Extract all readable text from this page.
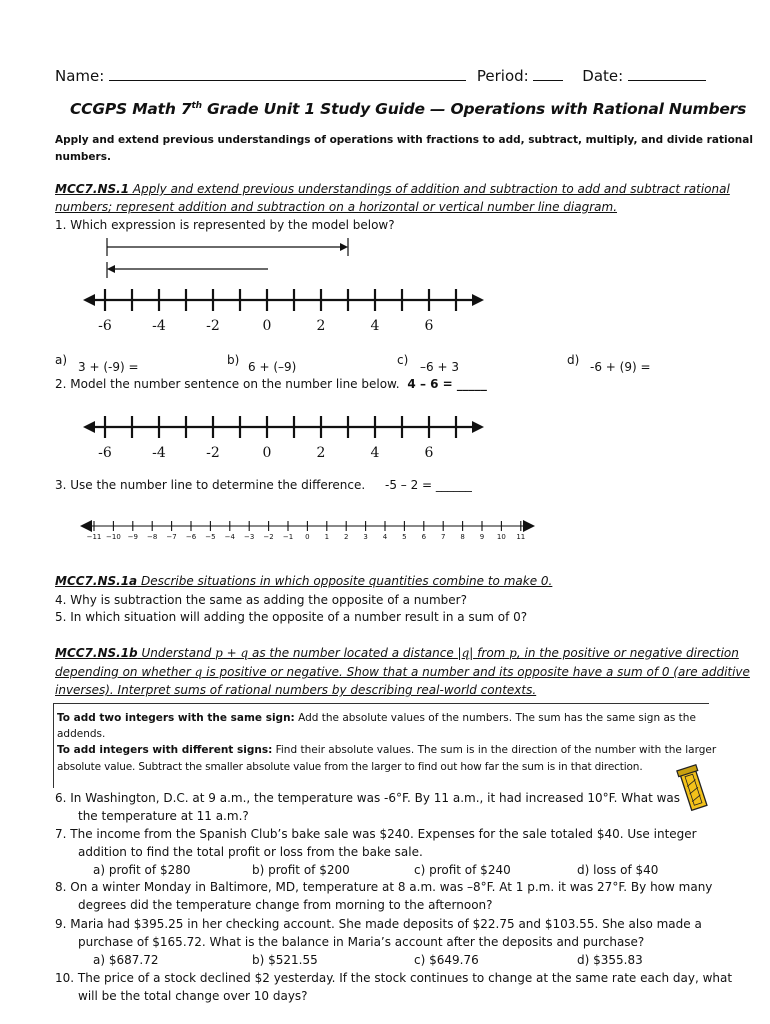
Name:	Period:	Date:
CCGPS Math 7th Grade Unit 1 Study Guide — Operations with Rational Numbers
Apply and extend previous understandings of operations with fractions to add, subtract, multiply, and divide rational
numbers.
MCC7.NS.1 Apply and extend previous understandings of addition and subtraction to add and subtract rational
numbers; represent addition and subtraction on a horizontal or vertical number line diagram.
1. Which expression is represented by the model below?
-6	-4	-2	0	2	4	6
a) 3 + (-9) =	b) 6 + (–9)	c) –6 + 3	d) -6 + (9) =
2. Model the number sentence on the number line below. 4 – 6 = _____
-6	-4	-2	0	2	4	6
3. Use the number line to determine the difference. -5 – 2 = ______
−11 −10 −9	−8	−7	−6	−5	−4	−3	−2	−1	0	1	2	3	4	5	6	7	8	9	10	11
MCC7.NS.1a Describe situations in which opposite quantities combine to make 0.
4. Why is subtraction the same as adding the opposite of a number?
5. In which situation will adding the opposite of a number result in a sum of 0?
MCC7.NS.1b Understand p + q as the number located a distance |q| from p, in the positive or negative direction
depending on whether q is positive or negative. Show that a number and its opposite have a sum of 0 (are additive
inverses). Interpret sums of rational numbers by describing real-world contexts.
To add two integers with the same sign: Add the absolute values of the numbers. The sum has the same sign as the
addends.
To add integers with different signs: Find their absolute values. The sum is in the direction of the number with the larger
absolute value. Subtract the smaller absolute value from the larger to find out how far the sum is in that direction.
6. In Washington, D.C. at 9 a.m., the temperature was -6°F. By 11 a.m., it had increased 10°F. What was
the temperature at 11 a.m.?
7. The income from the Spanish Club’s bake sale was $240. Expenses for the sale totaled $40. Use integer
addition to find the total profit or loss from the bake sale.
a) profit of $280	b) profit of $200	c) profit of $240	d) loss of $40
8. On a winter Monday in Baltimore, MD, temperature at 8 a.m. was –8°F. At 1 p.m. it was 27°F. By how many
degrees did the temperature change from morning to the afternoon?
9. Maria had $395.25 in her checking account. She made deposits of $22.75 and $103.55. She also made a
purchase of $165.72. What is the balance in Maria’s account after the deposits and purchase?
a) $687.72	b) $521.55	c) $649.76	d) $355.83
10. The price of a stock declined $2 yesterday. If the stock continues to change at the same rate each day, what
will be the total change over 10 days?
